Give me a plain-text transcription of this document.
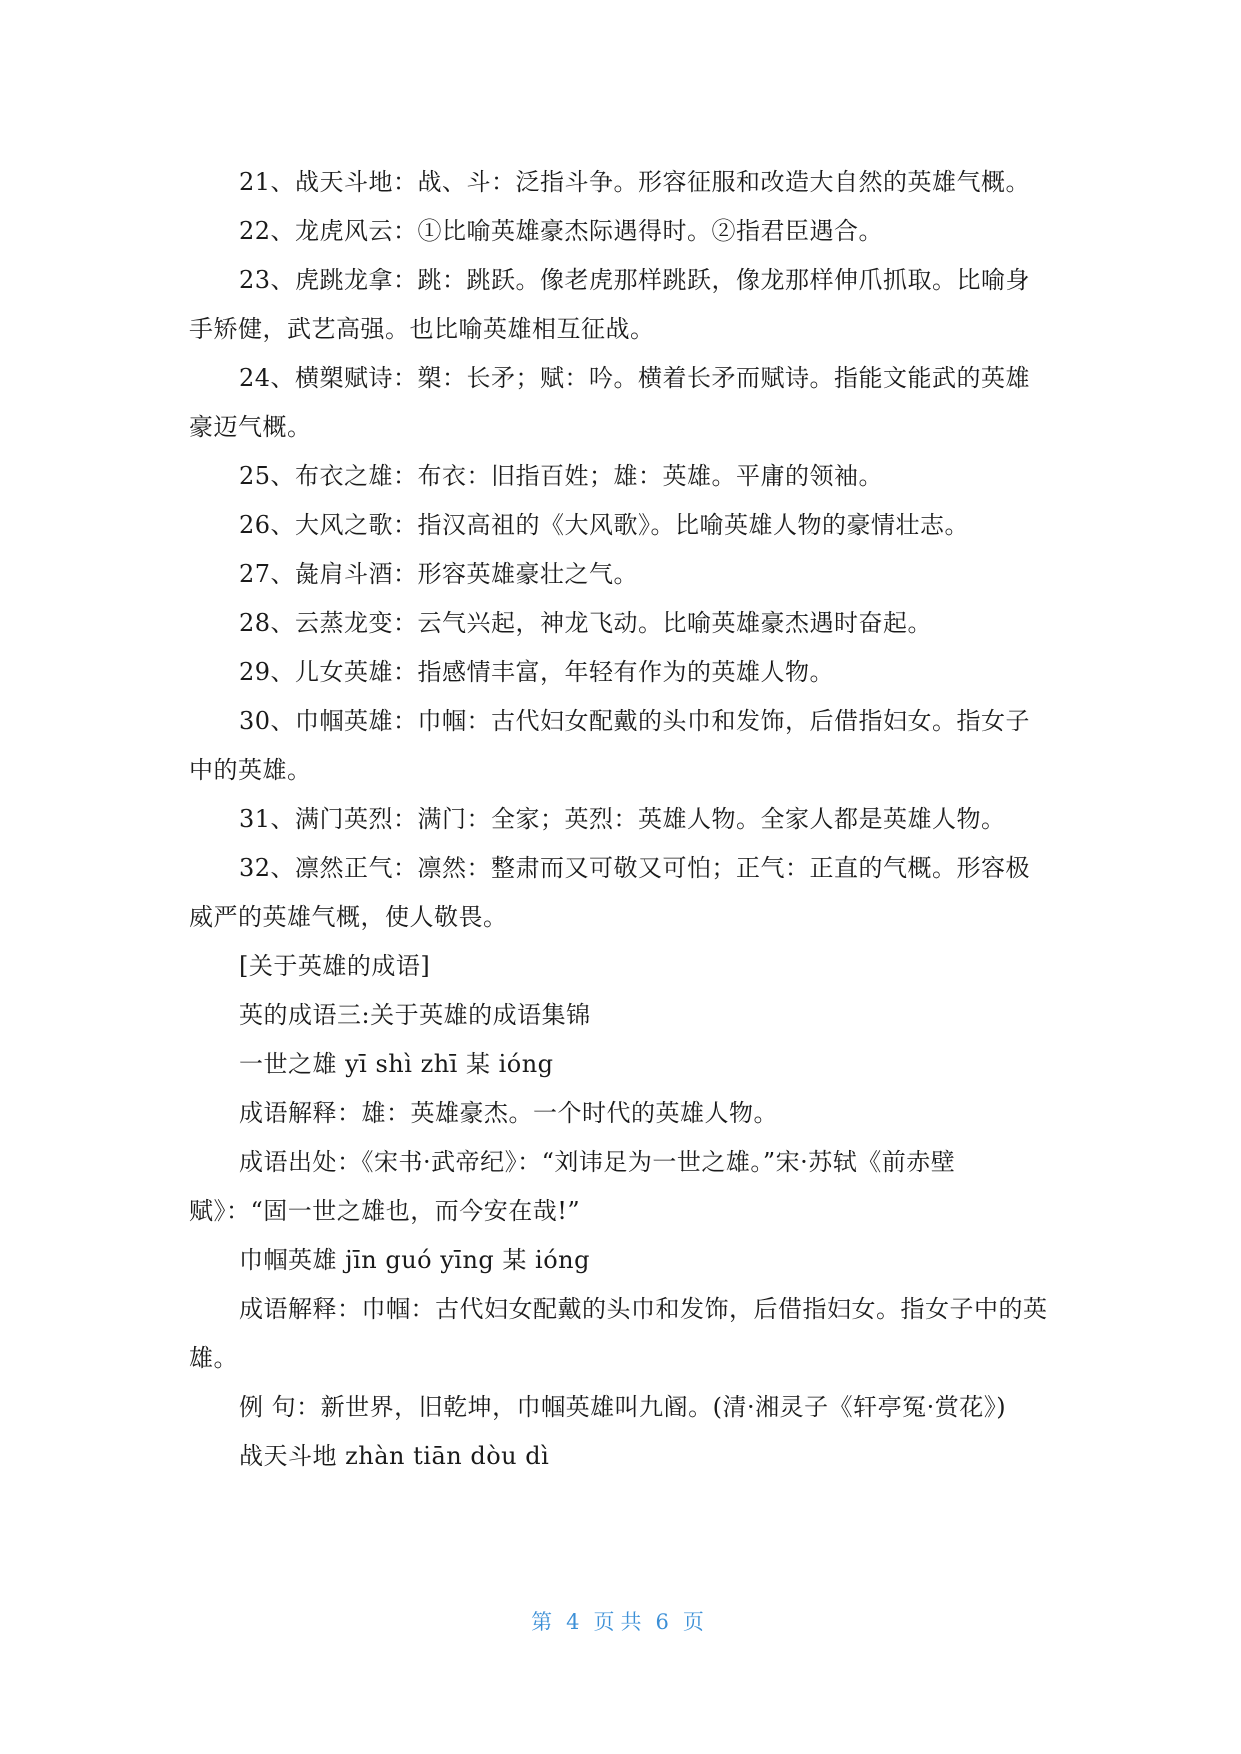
21、战天斗地：战、斗：泛指斗争。形容征服和改造大自然的英雄气概。

22、龙虎风云：①比喻英雄豪杰际遇得时。②指君臣遇合。

23、虎跳龙拿：跳：跳跃。像老虎那样跳跃，像龙那样伸爪抓取。比喻身手矫健，武艺高强。也比喻英雄相互征战。

24、横槊赋诗：槊：长矛；赋：吟。横着长矛而赋诗。指能文能武的英雄豪迈气概。

25、布衣之雄：布衣：旧指百姓；雄：英雄。平庸的领袖。

26、大风之歌：指汉高祖的《大风歌》。比喻英雄人物的豪情壮志。

27、彘肩斗酒：形容英雄豪壮之气。

28、云蒸龙变：云气兴起，神龙飞动。比喻英雄豪杰遇时奋起。

29、儿女英雄：指感情丰富，年轻有作为的英雄人物。

30、巾帼英雄：巾帼：古代妇女配戴的头巾和发饰，后借指妇女。指女子中的英雄。

31、满门英烈：满门：全家；英烈：英雄人物。全家人都是英雄人物。

32、凛然正气：凛然：整肃而又可敬又可怕；正气：正直的气概。形容极威严的英雄气概，使人敬畏。

[关于英雄的成语]

英的成语三:关于英雄的成语集锦

一世之雄 yī shì zhī 某 ióng

成语解释：雄：英雄豪杰。一个时代的英雄人物。

成语出处：《宋书·武帝纪》：“刘讳足为一世之雄。”宋·苏轼《前赤壁赋》：“固一世之雄也，而今安在哉!”

巾帼英雄 jīn guó yīng 某 ióng

成语解释：巾帼：古代妇女配戴的头巾和发饰，后借指妇女。指女子中的英雄。

例 句：新世界，旧乾坤，巾帼英雄叫九阍。(清·湘灵子《轩亭冤·赏花》)

战天斗地 zhàn tiān dòu dì

第 4 页共 6 页
